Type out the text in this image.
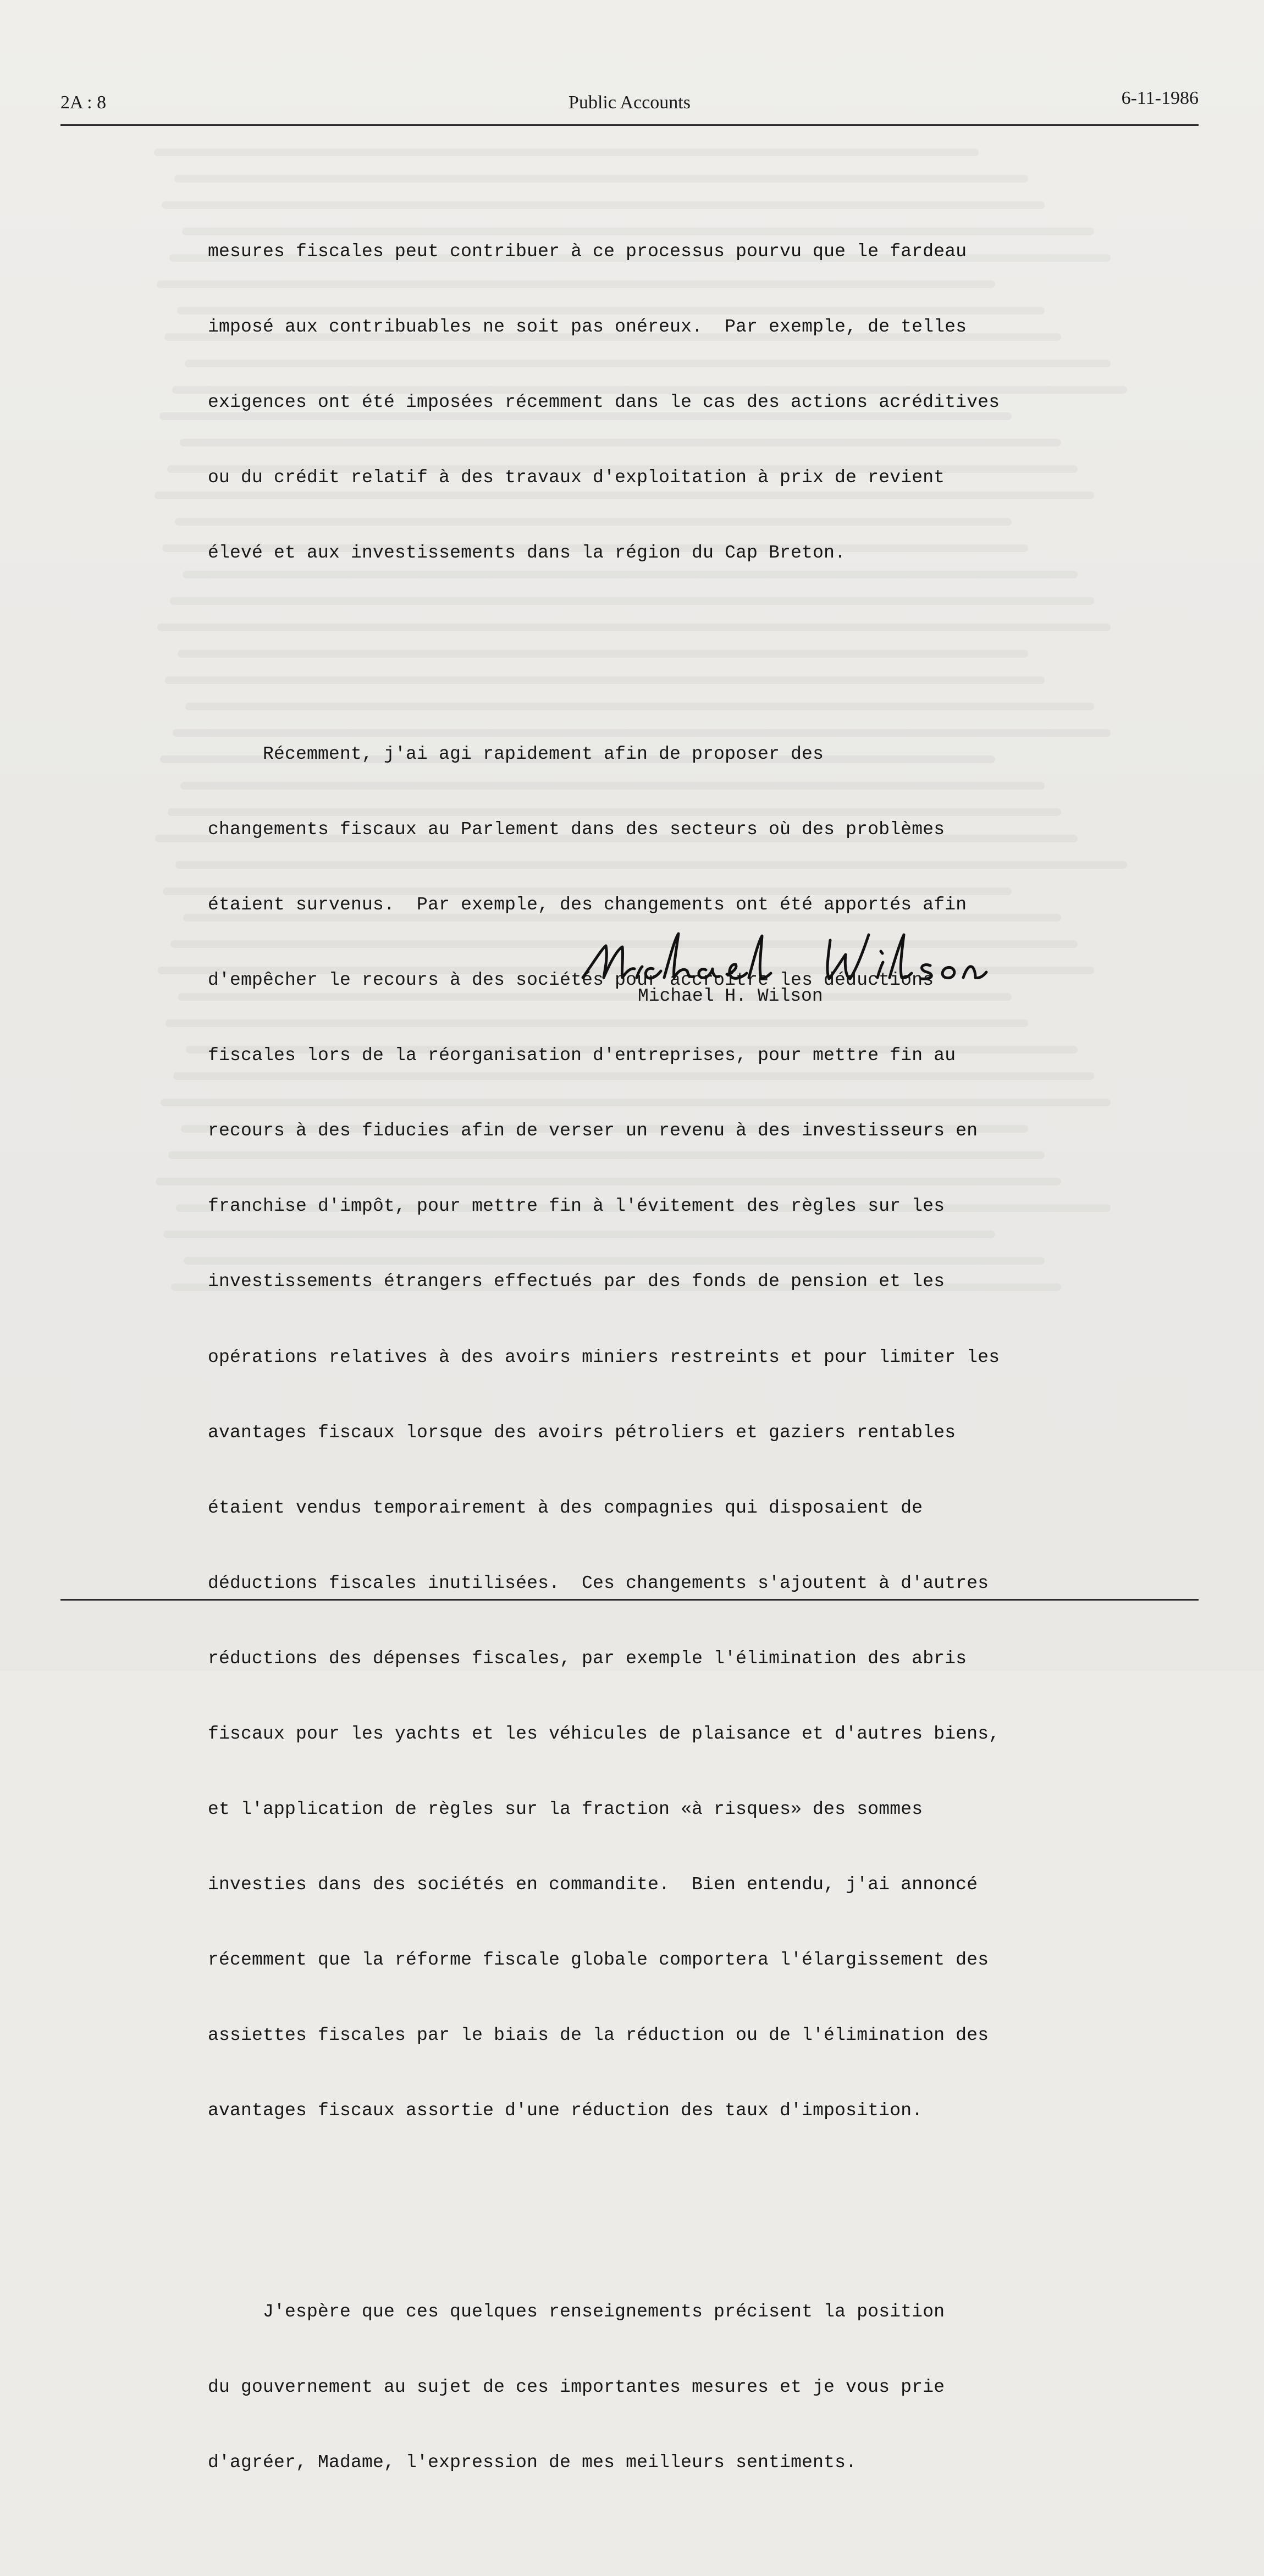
2A : 8	Public Accounts	6-11-1986

mesures fiscales peut contribuer à ce processus pourvu que le fardeau

imposé aux contribuables ne soit pas onéreux.  Par exemple, de telles

exigences ont été imposées récemment dans le cas des actions acréditives

ou du crédit relatif à des travaux d'exploitation à prix de revient

élevé et aux investissements dans la région du Cap Breton.

Récemment, j'ai agi rapidement afin de proposer des

changements fiscaux au Parlement dans des secteurs où des problèmes

étaient survenus.  Par exemple, des changements ont été apportés afin

d'empêcher le recours à des sociétés pour accroître les déductions

fiscales lors de la réorganisation d'entreprises, pour mettre fin au

recours à des fiducies afin de verser un revenu à des investisseurs en

franchise d'impôt, pour mettre fin à l'évitement des règles sur les

investissements étrangers effectués par des fonds de pension et les

opérations relatives à des avoirs miniers restreints et pour limiter les

avantages fiscaux lorsque des avoirs pétroliers et gaziers rentables

étaient vendus temporairement à des compagnies qui disposaient de

déductions fiscales inutilisées.  Ces changements s'ajoutent à d'autres

réductions des dépenses fiscales, par exemple l'élimination des abris

fiscaux pour les yachts et les véhicules de plaisance et d'autres biens,

et l'application de règles sur la fraction «à risques» des sommes

investies dans des sociétés en commandite.  Bien entendu, j'ai annoncé

récemment que la réforme fiscale globale comportera l'élargissement des

assiettes fiscales par le biais de la réduction ou de l'élimination des

avantages fiscaux assortie d'une réduction des taux d'imposition.

J'espère que ces quelques renseignements précisent la position

du gouvernement au sujet de ces importantes mesures et je vous prie

d'agréer, Madame, l'expression de mes meilleurs sentiments.

Michael H. Wilson
